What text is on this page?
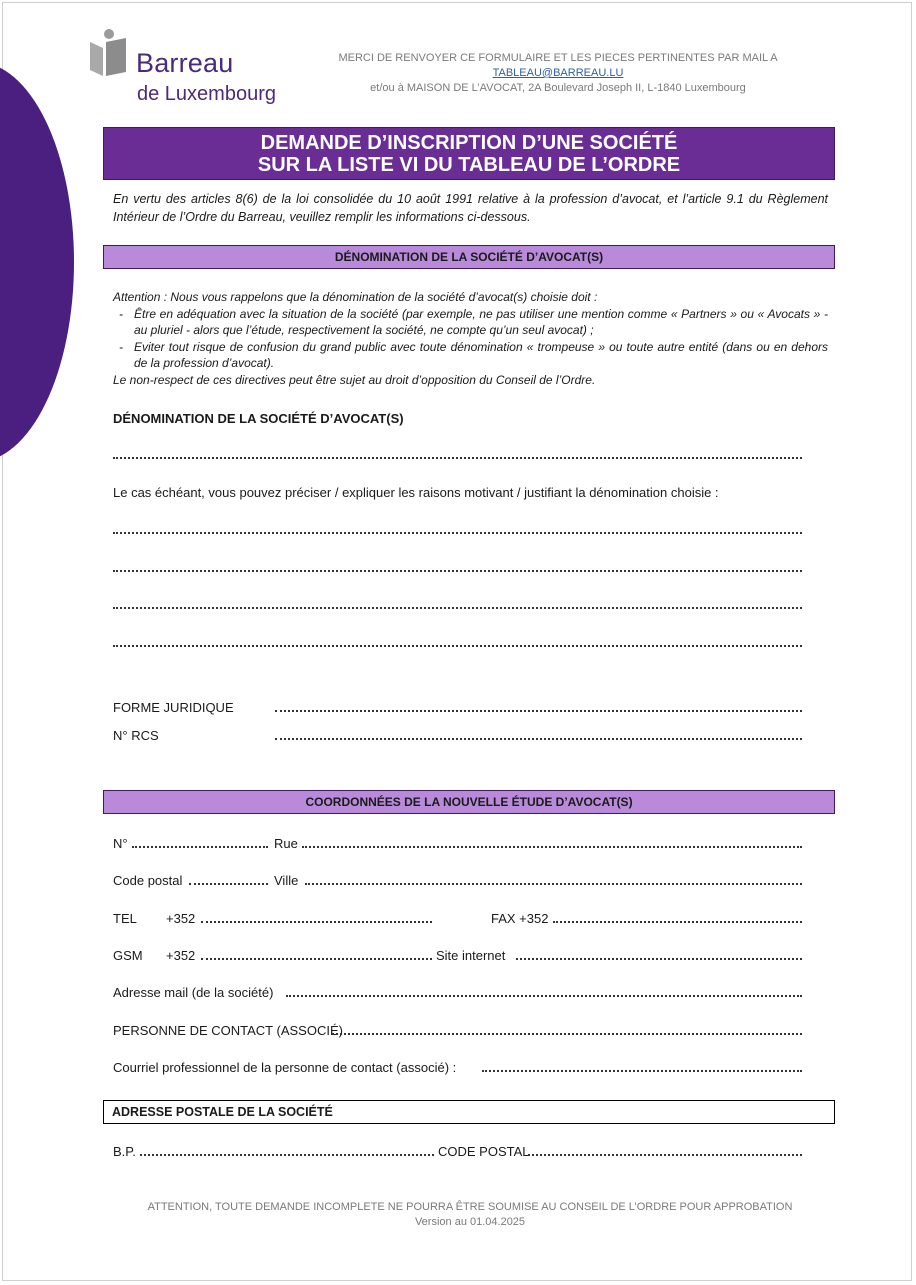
Barreau
de Luxembourg
MERCI DE RENVOYER CE FORMULAIRE ET LES PIECES PERTINENTES PAR MAIL A TABLEAU@BARREAU.LU
et/ou à MAISON DE L’AVOCAT, 2A Boulevard Joseph II, L-1840 Luxembourg
DEMANDE D’INSCRIPTION D’UNE SOCIÉTÉ
SUR LA LISTE VI DU TABLEAU DE L’ORDRE
En vertu des articles 8(6) de la loi consolidée du 10 août 1991 relative à la profession d’avocat, et l’article 9.1 du Règlement Intérieur de l’Ordre du Barreau, veuillez remplir les informations ci-dessous.
DÉNOMINATION DE LA SOCIÉTÉ D’AVOCAT(S)
Attention : Nous vous rappelons que la dénomination de la société d’avocat(s) choisie doit :
- Être en adéquation avec la situation de la société (par exemple, ne pas utiliser une mention comme « Partners » ou « Avocats » - au pluriel - alors que l’étude, respectivement la société, ne compte qu’un seul avocat) ;
- Eviter tout risque de confusion du grand public avec toute dénomination « trompeuse » ou toute autre entité (dans ou en dehors de la profession d’avocat).
Le non-respect de ces directives peut être sujet au droit d’opposition du Conseil de l’Ordre.
DÉNOMINATION DE LA SOCIÉTÉ D’AVOCAT(S)
Le cas échéant, vous pouvez préciser / expliquer les raisons motivant / justifiant la dénomination choisie :
FORME JURIDIQUE
N° RCS
COORDONNÉES DE LA NOUVELLE ÉTUDE D’AVOCAT(S)
N°	Rue
Code postal	Ville
TEL +352	FAX +352
GSM +352	Site internet
Adresse mail (de la société)
PERSONNE DE CONTACT (ASSOCIÉ)
Courriel professionnel de la personne de contact (associé) :
ADRESSE POSTALE DE LA SOCIÉTÉ
B.P.	CODE POSTAL
ATTENTION, TOUTE DEMANDE INCOMPLETE NE POURRA ÊTRE SOUMISE AU CONSEIL DE L’ORDRE POUR APPROBATION
Version au 01.04.2025
